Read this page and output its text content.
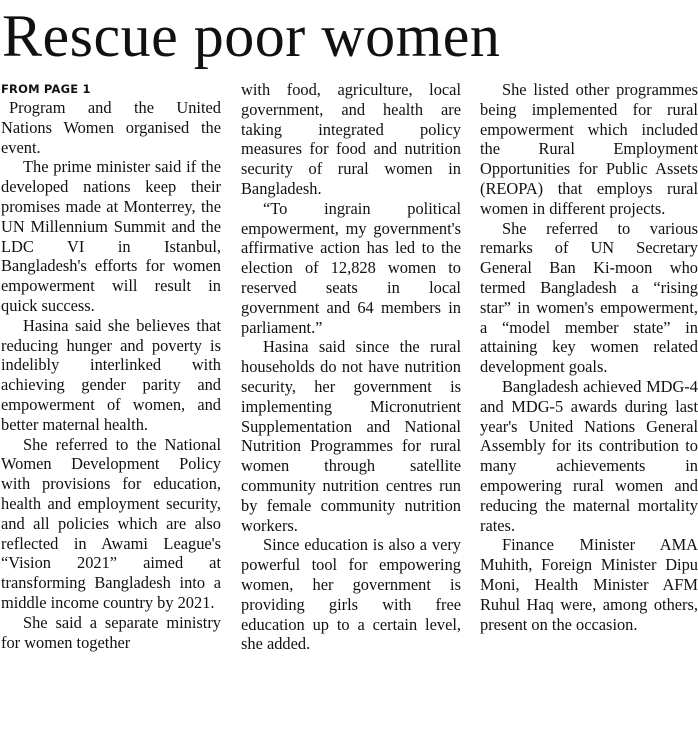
Rescue poor women
FROM PAGE 1

Program and the United Nations Women organised the event.

The prime minister said if the developed nations keep their promises made at Monterrey, the UN Millennium Summit and the LDC VI in Istanbul, Bangladesh's efforts for women empowerment will result in quick success.

Hasina said she believes that reducing hunger and poverty is indelibly interlinked with achieving gender parity and empowerment of women, and better maternal health.

She referred to the National Women Development Policy with provisions for education, health and employment security, and all policies which are also reflected in Awami League's “Vision 2021” aimed at transforming Bangladesh into a middle income country by 2021.

She said a separate ministry for women together

with food, agriculture, local government, and health are taking integrated policy measures for food and nutrition security of rural women in Bangladesh.

“To ingrain political empowerment, my government's affirmative action has led to the election of 12,828 women to reserved seats in local government and 64 members in parliament.”

Hasina said since the rural households do not have nutrition security, her government is implementing Micronutrient Supplementation and National Nutrition Programmes for rural women through satellite community nutrition centres run by female community nutrition workers.

Since education is also a very powerful tool for empowering women, her government is providing girls with free education up to a certain level, she added.

She listed other programmes being implemented for rural empowerment which included the Rural Employment Opportunities for Public Assets (REOPA) that employs rural women in different projects.

She referred to various remarks of UN Secretary General Ban Ki-moon who termed Bangladesh a “rising star” in women's empowerment, a “model member state” in attaining key women related development goals.

Bangladesh achieved MDG-4 and MDG-5 awards during last year's United Nations General Assembly for its contribution to many achievements in empowering rural women and reducing the maternal mortality rates.

Finance Minister AMA Muhith, Foreign Minister Dipu Moni, Health Minister AFM Ruhul Haq were, among others, present on the occasion.
